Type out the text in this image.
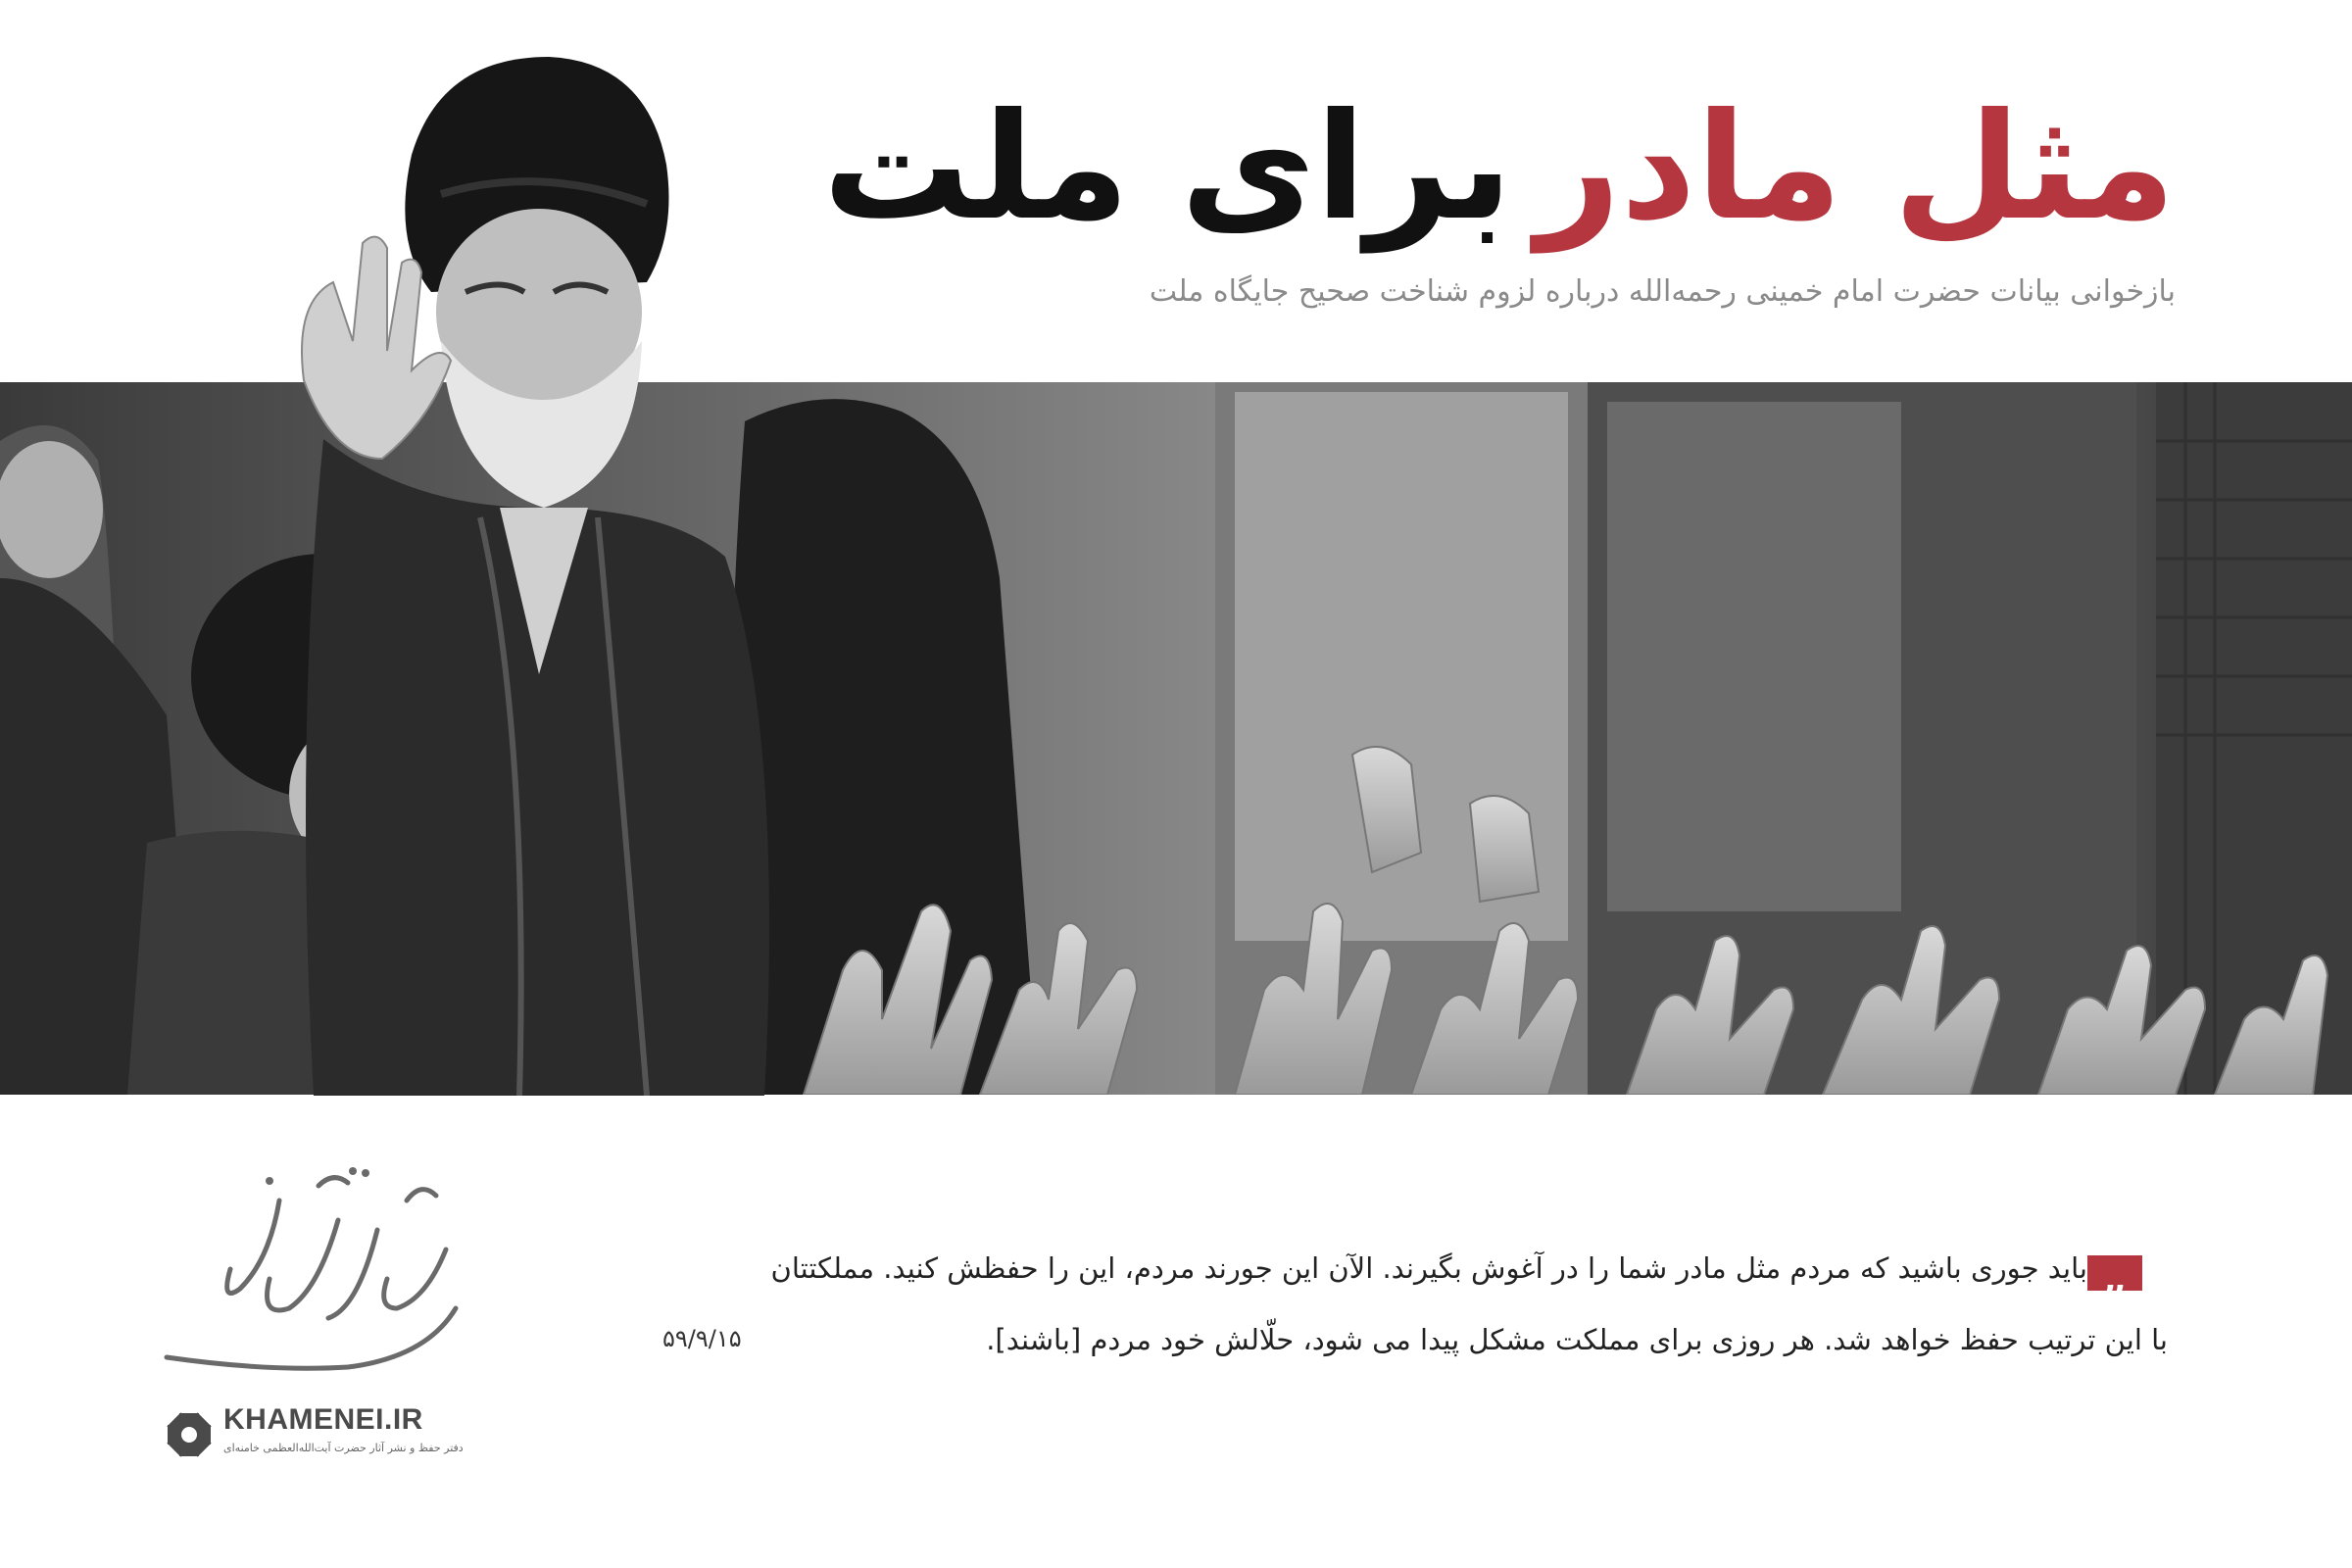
مثل مادربرای ملت
بازخوانی بیانات حضرت امام خمینی رحمه‌الله درباره لزوم شناخت صحیح جایگاه ملت
„
باید جوری باشید که مردم مثل مادر شما را در آغوش بگیرند. الآن این جورند مردم، این را حفظش کنید. مملکتتان
با این ترتیب حفظ خواهد شد. هر روزی برای مملکت مشکل پیدا می شود، حلّالش خود مردم [باشند].
۵۹/۹/۱۵
KHAMENEI.IR
دفتر حفظ و نشر آثار حضرت آیت‌الله‌العظمی خامنه‌ای
